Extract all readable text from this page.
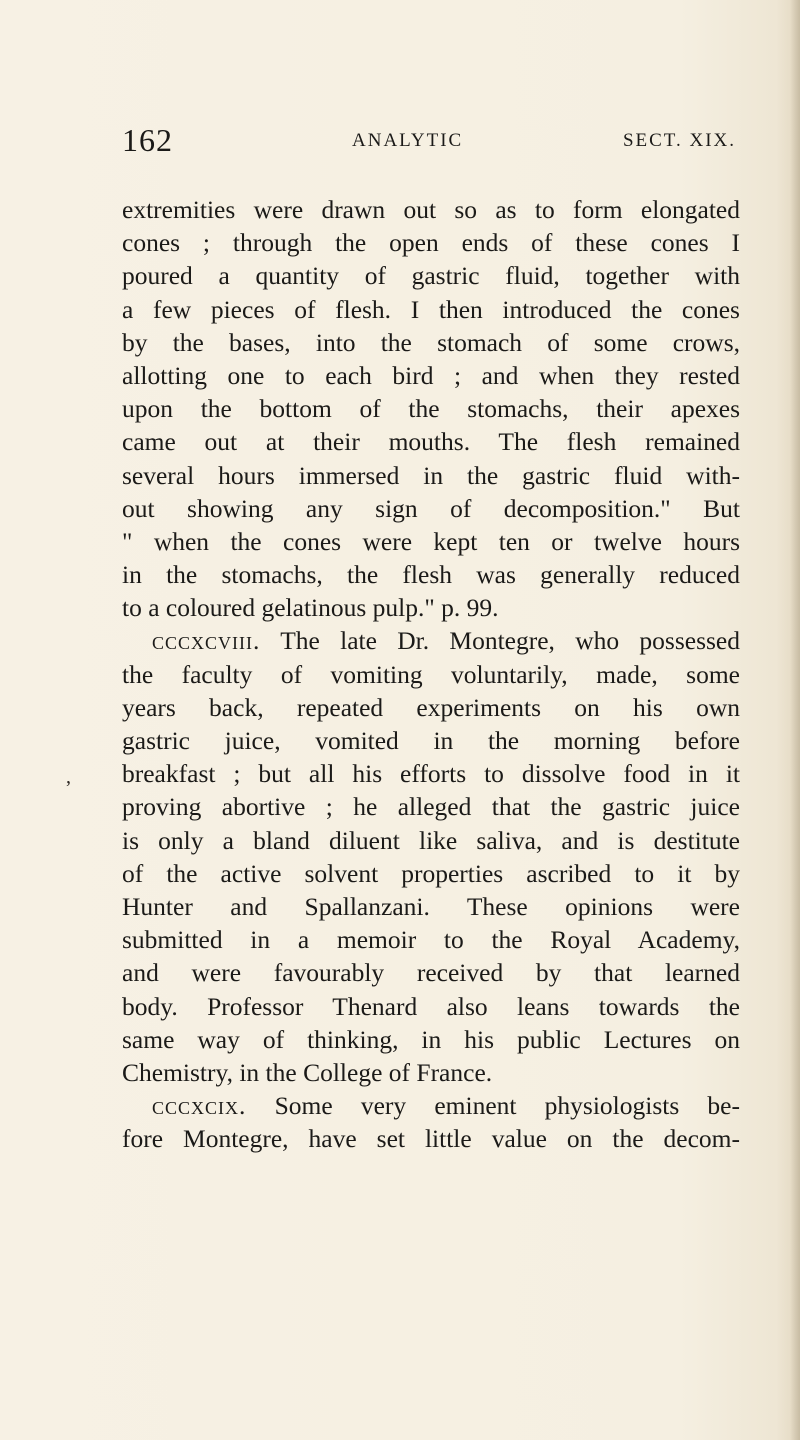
162	ANALYTIC	SECT. XIX.
,
extremities were drawn out so as to form elongated
cones ; through the open ends of these cones I
poured a quantity of gastric fluid, together with
a few pieces of flesh. I then introduced the cones
by the bases, into the stomach of some crows,
allotting one to each bird ; and when they rested
upon the bottom of the stomachs, their apexes
came out at their mouths. The flesh remained
several hours immersed in the gastric fluid with-
out showing any sign of decomposition." But
" when the cones were kept ten or twelve hours
in the stomachs, the flesh was generally reduced
to a coloured gelatinous pulp." p. 99.
cccxcviii. The late Dr. Montegre, who possessed
the faculty of vomiting voluntarily, made, some
years back, repeated experiments on his own
gastric juice, vomited in the morning before
breakfast ; but all his efforts to dissolve food in it
proving abortive ; he alleged that the gastric juice
is only a bland diluent like saliva, and is destitute
of the active solvent properties ascribed to it by
Hunter and Spallanzani. These opinions were
submitted in a memoir to the Royal Academy,
and were favourably received by that learned
body. Professor Thenard also leans towards the
same way of thinking, in his public Lectures on
Chemistry, in the College of France.
cccxcix. Some very eminent physiologists be-
fore Montegre, have set little value on the decom-
